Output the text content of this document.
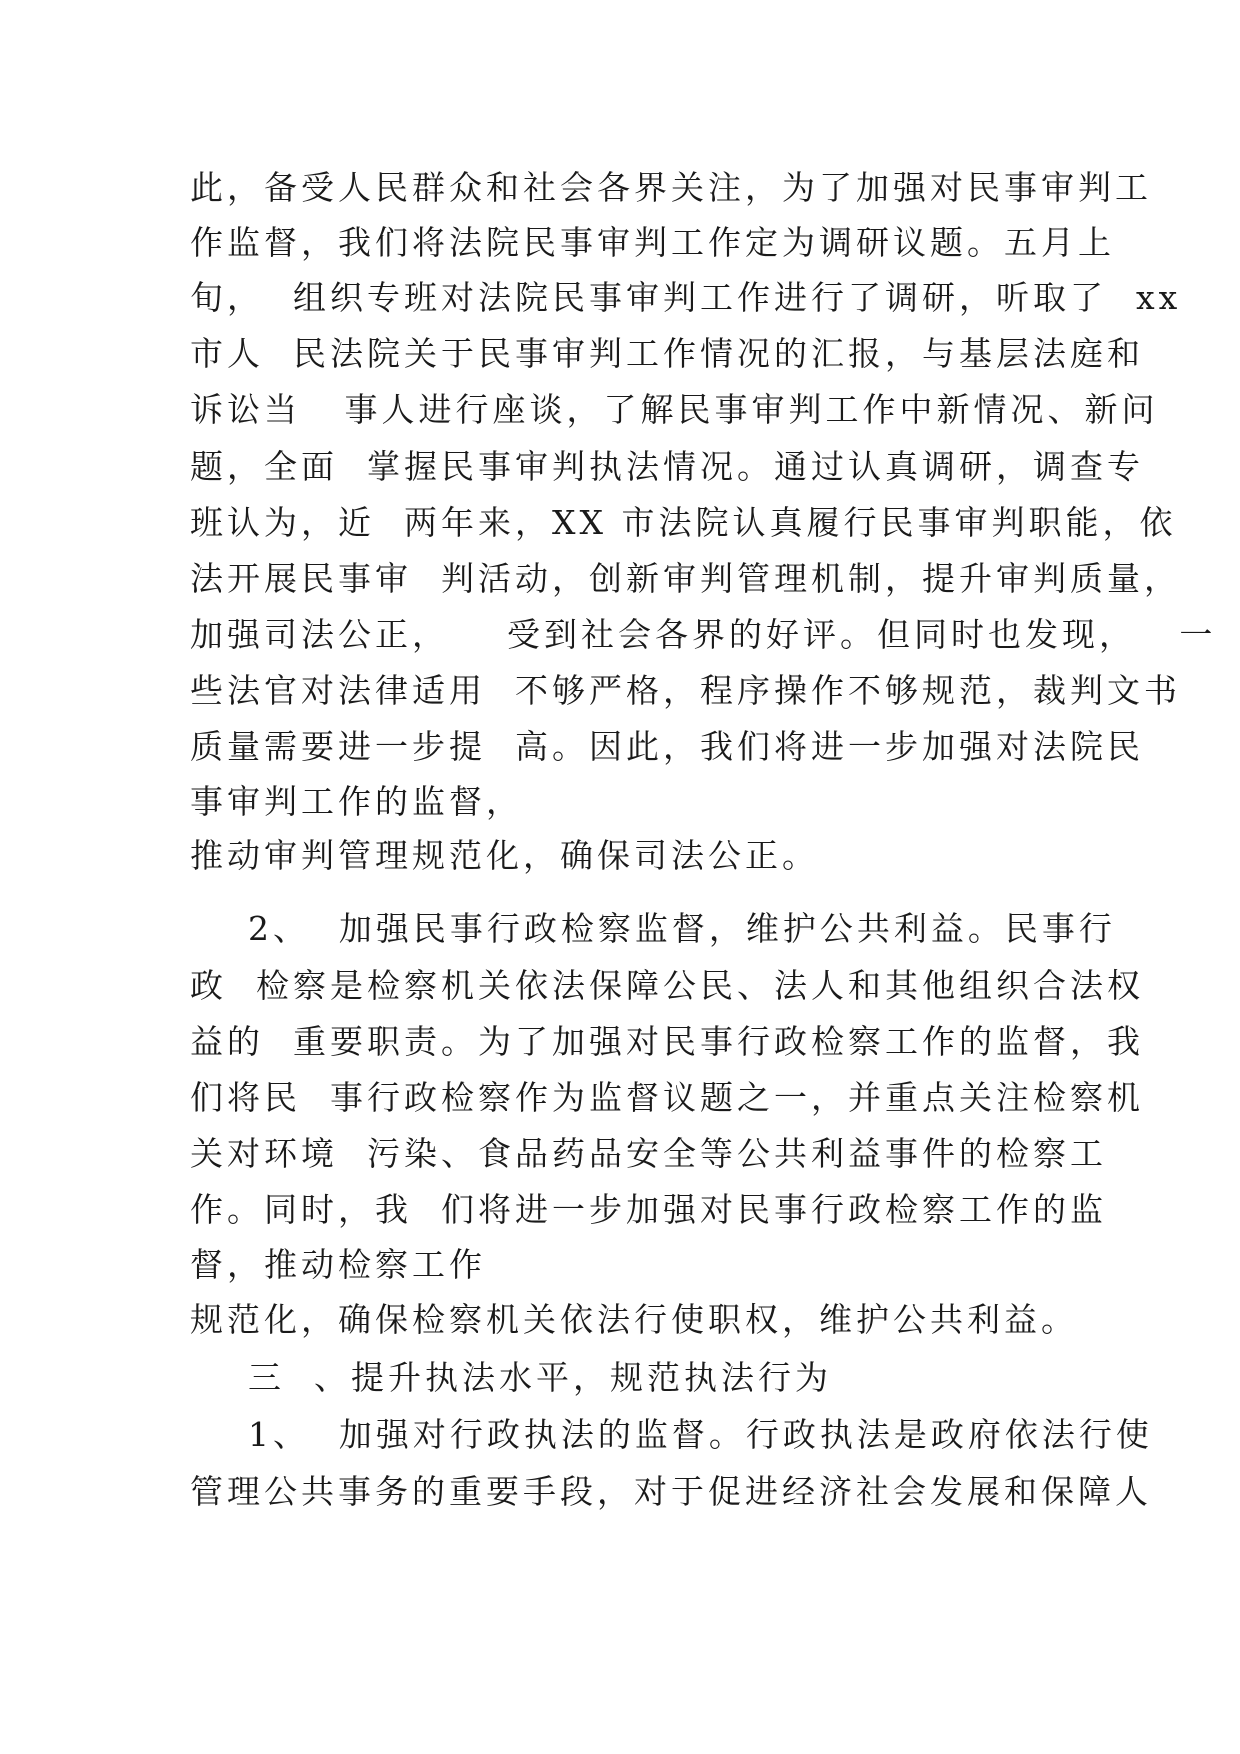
此，备受人民群众和社会各界关注，为了加强对民事审判工
作监督，我们将法院民事审判工作定为调研议题。五月上
旬，  组织专班对法院民事审判工作进行了调研，听取了  xx
市人  民法院关于民事审判工作情况的汇报，与基层法庭和
诉讼当   事人进行座谈，了解民事审判工作中新情况、新问
题，全面  掌握民事审判执法情况。通过认真调研，调查专
班认为，近  两年来，XX 市法院认真履行民事审判职能，依
法开展民事审  判活动，创新审判管理机制，提升审判质量，
加强司法公正，    受到社会各界的好评。但同时也发现，   一
些法官对法律适用  不够严格，程序操作不够规范，裁判文书
质量需要进一步提  高。因此，我们将进一步加强对法院民
事审判工作的监督，
推动审判管理规范化，确保司法公正。
2、  加强民事行政检察监督，维护公共利益。民事行
政  检察是检察机关依法保障公民、法人和其他组织合法权
益的  重要职责。为了加强对民事行政检察工作的监督，我
们将民  事行政检察作为监督议题之一，并重点关注检察机
关对环境  污染、食品药品安全等公共利益事件的检察工
作。同时，我  们将进一步加强对民事行政检察工作的监
督，推动检察工作
规范化，确保检察机关依法行使职权，维护公共利益。
三  、提升执法水平，规范执法行为
1、  加强对行政执法的监督。行政执法是政府依法行使
管理公共事务的重要手段，对于促进经济社会发展和保障人
